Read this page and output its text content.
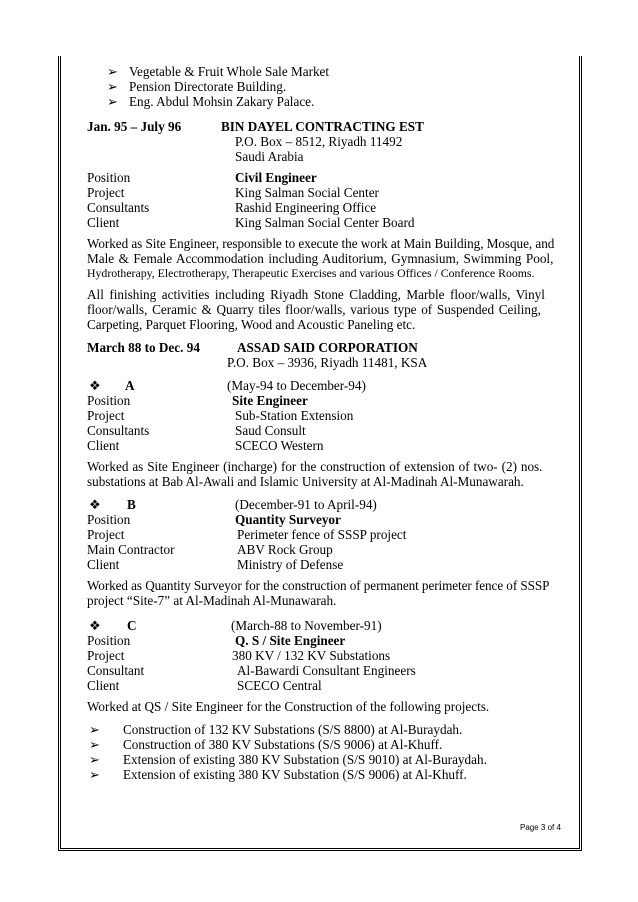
➢ Vegetable & Fruit Whole Sale Market
➢ Pension Directorate Building.
➢ Eng. Abdul Mohsin Zakary Palace.
Jan. 95 – July 96	BIN DAYEL CONTRACTING EST
P.O. Box – 8512, Riyadh 11492
Saudi Arabia
Position	Civil Engineer
Project	King Salman Social Center
Consultants	Rashid Engineering Office
Client	King Salman Social Center Board
Worked as Site Engineer, responsible to execute the work at Main Building, Mosque, and
Male & Female Accommodation including Auditorium, Gymnasium, Swimming Pool,
Hydrotherapy, Electrotherapy, Therapeutic Exercises and various Offices / Conference Rooms.
All finishing activities including Riyadh Stone Cladding, Marble floor/walls, Vinyl
floor/walls, Ceramic & Quarry tiles floor/walls, various type of Suspended Ceiling,
Carpeting, Parquet Flooring, Wood and Acoustic Paneling etc.
March 88 to Dec. 94	ASSAD SAID CORPORATION
P.O. Box – 3936, Riyadh 11481, KSA
❖ A	(May-94 to December-94)
Position	Site Engineer
Project	Sub-Station Extension
Consultants	Saud Consult
Client	SCECO Western
Worked as Site Engineer (incharge) for the construction of extension of two- (2) nos.
substations at Bab Al-Awali and Islamic University at Al-Madinah Al-Munawarah.
❖ B	(December-91 to April-94)
Position	Quantity Surveyor
Project	Perimeter fence of SSSP project
Main Contractor	ABV Rock Group
Client	Ministry of Defense
Worked as Quantity Surveyor for the construction of permanent perimeter fence of SSSP
project “Site-7” at Al-Madinah Al-Munawarah.
❖ C	(March-88 to November-91)
Position	Q. S / Site Engineer
Project	380 KV / 132 KV Substations
Consultant	Al-Bawardi Consultant Engineers
Client	SCECO Central
Worked at QS / Site Engineer for the Construction of the following projects.
➢ Construction of 132 KV Substations (S/S 8800) at Al-Buraydah.
➢ Construction of 380 KV Substations (S/S 9006) at Al-Khuff.
➢ Extension of existing 380 KV Substation (S/S 9010) at Al-Buraydah.
➢ Extension of existing 380 KV Substation (S/S 9006) at Al-Khuff.
Page 3 of 4
